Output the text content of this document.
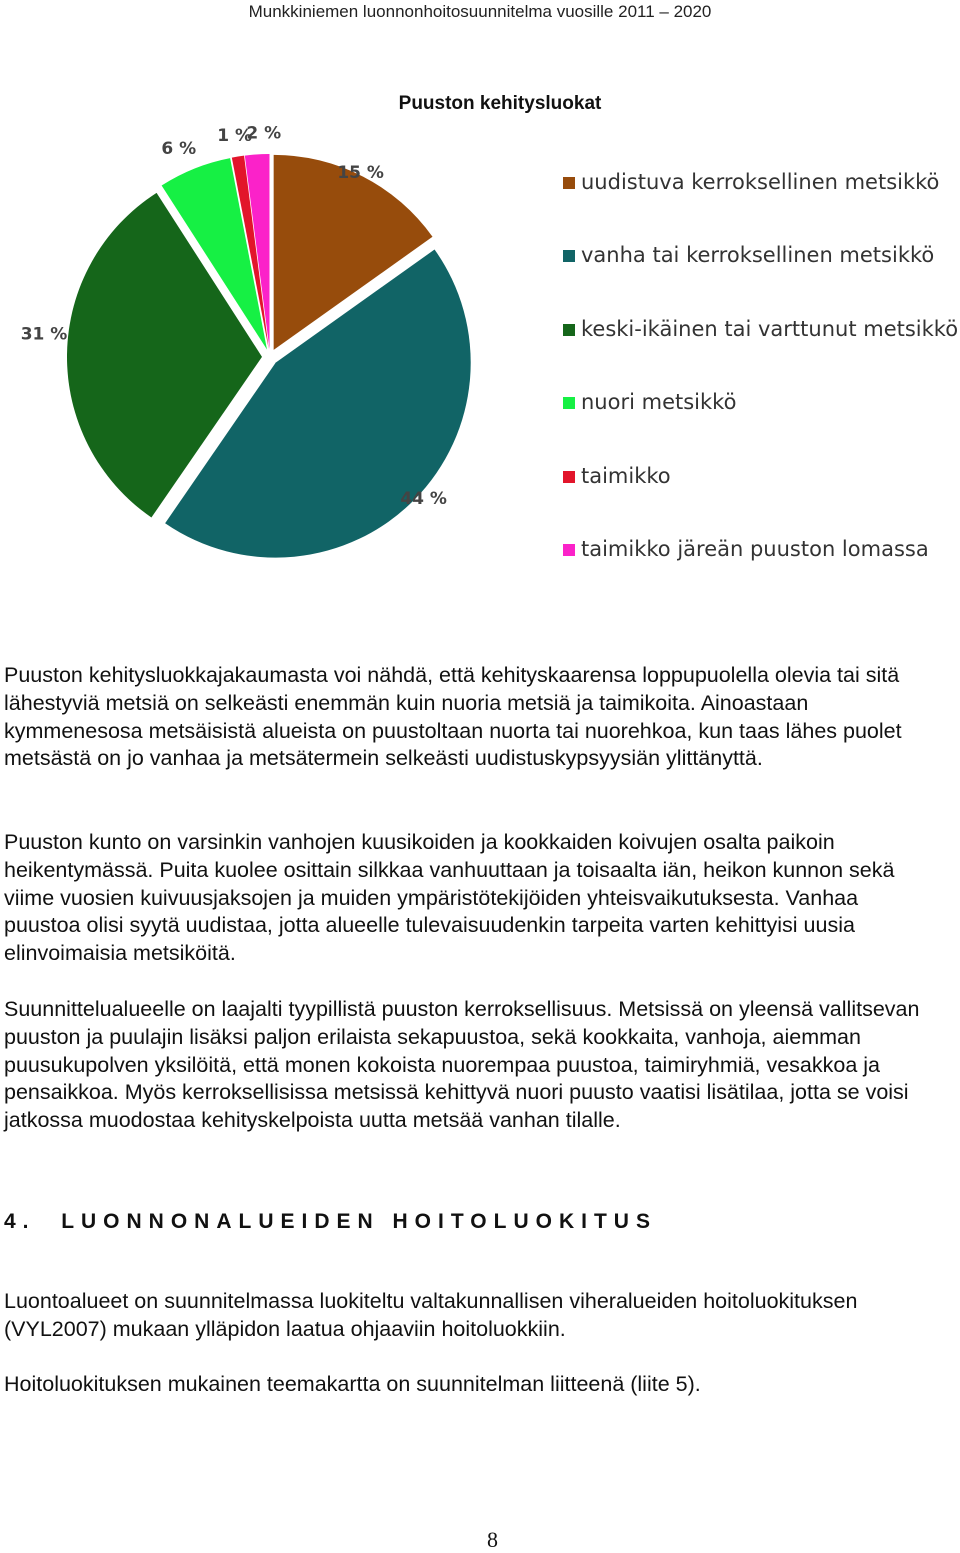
Munkkiniemen luonnonhoitosuunnitelma vuosille 2011 – 2020
Puuston kehitysluokat
15 %
44 %
31 %
6 %
1 %
2 %
uudistuva kerroksellinen metsikkö
vanha tai kerroksellinen metsikkö
keski-ikäinen tai varttunut metsikkö
nuori metsikkö
taimikko
taimikko järeän puuston lomassa

Puuston kehitysluokkajakaumasta voi nähdä, että kehityskaarensa loppupuolella olevia tai sitä lähestyviä metsiä on selkeästi enemmän kuin nuoria metsiä ja taimikoita. Ainoastaan kymmenesosa metsäisistä alueista on puustoltaan nuorta tai nuorehkoa, kun taas lähes puolet metsästä on jo vanhaa ja metsätermein selkeästi uudistuskypsyysiän ylittänyttä.

Puuston kunto on varsinkin vanhojen kuusikoiden ja kookkaiden koivujen osalta paikoin heikentymässä. Puita kuolee osittain silkkaa vanhuuttaan ja toisaalta iän, heikon kunnon sekä viime vuosien kuivuusjaksojen ja muiden ympäristötekijöiden yhteisvaikutuksesta. Vanhaa puustoa olisi syytä uudistaa, jotta alueelle tulevaisuudenkin tarpeita varten kehittyisi uusia elinvoimaisia metsiköitä.

Suunnittelualueelle on laajalti tyypillistä puuston kerroksellisuus. Metsissä on yleensä vallitsevan puuston ja puulajin lisäksi paljon erilaista sekapuustoa, sekä kookkaita, vanhoja, aiemman puusukupolven yksilöitä, että monen kokoista nuorempaa puustoa, taimiryhmiä, vesakkoa ja pensaikkoa. Myös kerroksellisissa metsissä kehittyvä nuori puusto vaatisi lisätilaa, jotta se voisi jatkossa muodostaa kehityskelpoista uutta metsää vanhan tilalle.

4. LUONNONALUEIDEN HOITOLUOKITUS

Luontoalueet on suunnitelmassa luokiteltu valtakunnallisen viheralueiden hoitoluokituksen (VYL2007) mukaan ylläpidon laatua ohjaaviin hoitoluokkiin.

Hoitoluokituksen mukainen teemakartta on suunnitelman liitteenä (liite 5).

8
